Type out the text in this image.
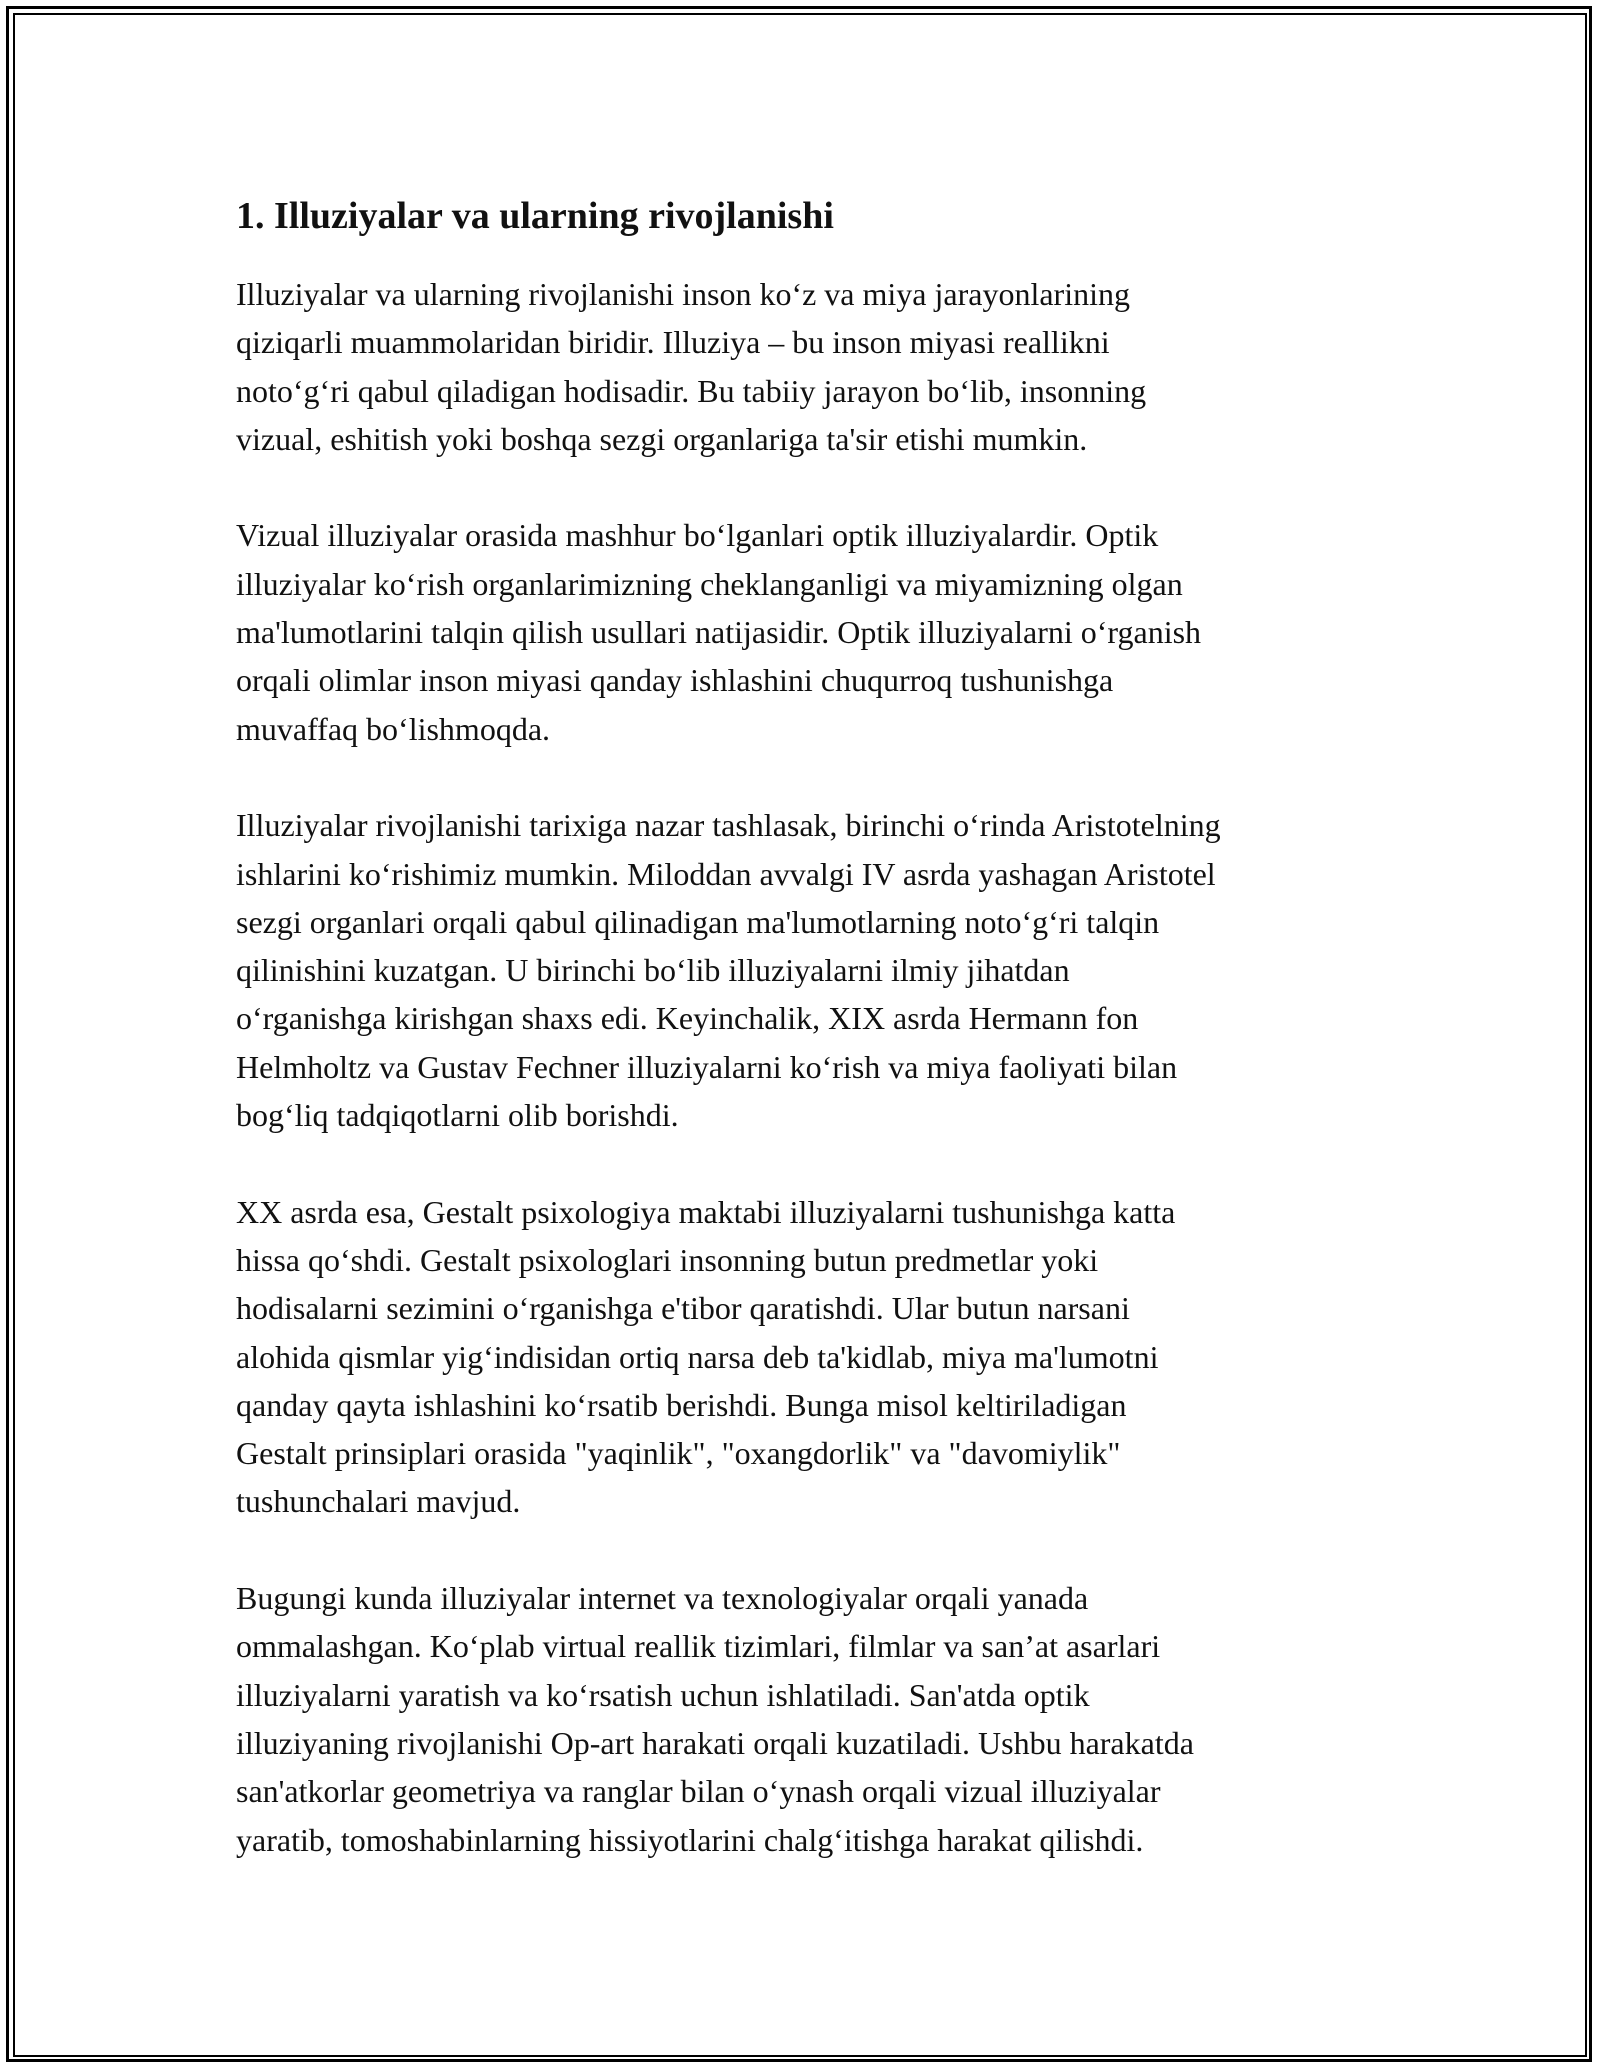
1. Illuziyalar va ularning rivojlanishi

Illuziyalar va ularning rivojlanishi inson koʻz va miya jarayonlarining
qiziqarli muammolaridan biridir. Illuziya – bu inson miyasi reallikni
notoʻgʻri qabul qiladigan hodisadir. Bu tabiiy jarayon boʻlib, insonning
vizual, eshitish yoki boshqa sezgi organlariga ta'sir etishi mumkin.

Vizual illuziyalar orasida mashhur boʻlganlari optik illuziyalardir. Optik
illuziyalar koʻrish organlarimizning cheklanganligi va miyamizning olgan
ma'lumotlarini talqin qilish usullari natijasidir. Optik illuziyalarni oʻrganish
orqali olimlar inson miyasi qanday ishlashini chuqurroq tushunishga
muvaffaq boʻlishmoqda.

Illuziyalar rivojlanishi tarixiga nazar tashlasak, birinchi oʻrinda Aristotelning
ishlarini koʻrishimiz mumkin. Miloddan avvalgi IV asrda yashagan Aristotel
sezgi organlari orqali qabul qilinadigan ma'lumotlarning notoʻgʻri talqin
qilinishini kuzatgan. U birinchi boʻlib illuziyalarni ilmiy jihatdan
oʻrganishga kirishgan shaxs edi. Keyinchalik, XIX asrda Hermann fon
Helmholtz va Gustav Fechner illuziyalarni koʻrish va miya faoliyati bilan
bogʻliq tadqiqotlarni olib borishdi.

XX asrda esa, Gestalt psixologiya maktabi illuziyalarni tushunishga katta
hissa qoʻshdi. Gestalt psixologlari insonning butun predmetlar yoki
hodisalarni sezimini oʻrganishga e'tibor qaratishdi. Ular butun narsani
alohida qismlar yigʻindisidan ortiq narsa deb ta'kidlab, miya ma'lumotni
qanday qayta ishlashini koʻrsatib berishdi. Bunga misol keltiriladigan
Gestalt prinsiplari orasida "yaqinlik", "oxangdorlik" va "davomiylik"
tushunchalari mavjud.

Bugungi kunda illuziyalar internet va texnologiyalar orqali yanada
ommalashgan. Koʻplab virtual reallik tizimlari, filmlar va san’at asarlari
illuziyalarni yaratish va koʻrsatish uchun ishlatiladi. San'atda optik
illuziyaning rivojlanishi Op-art harakati orqali kuzatiladi. Ushbu harakatda
san'atkorlar geometriya va ranglar bilan oʻynash orqali vizual illuziyalar
yaratib, tomoshabinlarning hissiyotlarini chalgʻitishga harakat qilishdi.
